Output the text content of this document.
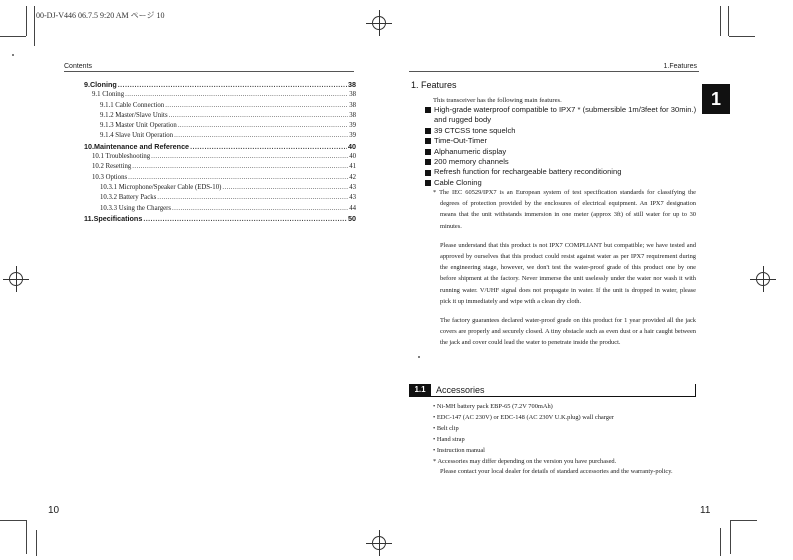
00-DJ-V446 06.7.5 9:20 AM ページ 10
Contents
9.Cloning .....	38
9.1 Cloning .....	38
9.1.1 Cable Connection .....	38
9.1.2 Master/Slave Units .....	38
9.1.3 Master Unit Operation .....	39
9.1.4 Slave Unit Operation .....	39
10.Maintenance and Reference .....	40
10.1 Troubleshooting .....	40
10.2 Resetting .....	41
10.3 Options .....	42
10.3.1 Microphone/Speaker Cable (EDS-10) .....	43
10.3.2 Battery Packs .....	43
10.3.3 Using the Chargers .....	44
11.Specifications .....	50
10
1.Features
1
1. Features
This transceiver has the following main features.
High-grade waterproof compatible to IPX7 * (submersible 1m/3feet for 30min.) and rugged body
39 CTCSS tone squelch
Time-Out-Timer
Alphanumeric display
200 memory channels
Refresh function for rechargeable battery reconditioning
Cable Cloning

* The IEC 60529/IPX7 is an European system of test specification standards for classifying the degrees of protection provided by the enclosures of electrical equipment. An IPX7 designation means that the unit withstands immersion in one meter (approx 3ft) of still water for up to 30 minutes.

Please understand that this product is not IPX7 COMPLIANT but compatible; we have tested and approved by ourselves that this product could resist against water as per IPX7 requirement during the engineering stage, however, we don't test the water-proof grade of this product one by one before shipment at the factory. Never immerse the unit uselessly under the water nor wash it with running water. V/UHF signal does not propagate in water. If the unit is dropped in water, please pick it up immediately and wipe with a clean dry cloth.

The factory guarantees declared water-proof grade on this product for 1 year provided all the jack covers are properly and securely closed. A tiny obstacle such as even dust or a hair caught between the jack and cover could lead the water to penetrate inside the product.

1.1	Accessories
• Ni-MH battery pack EBP-65 (7.2V 700mAh)
• EDC-147 (AC 230V) or EDC-148 (AC 230V U.K.plug) wall charger
• Belt clip
• Hand strap
• Instruction manual
* Accessories may differ depending on the version you have purchased.
Please contact your local dealer for details of standard accessories and the warranty-policy.
11
